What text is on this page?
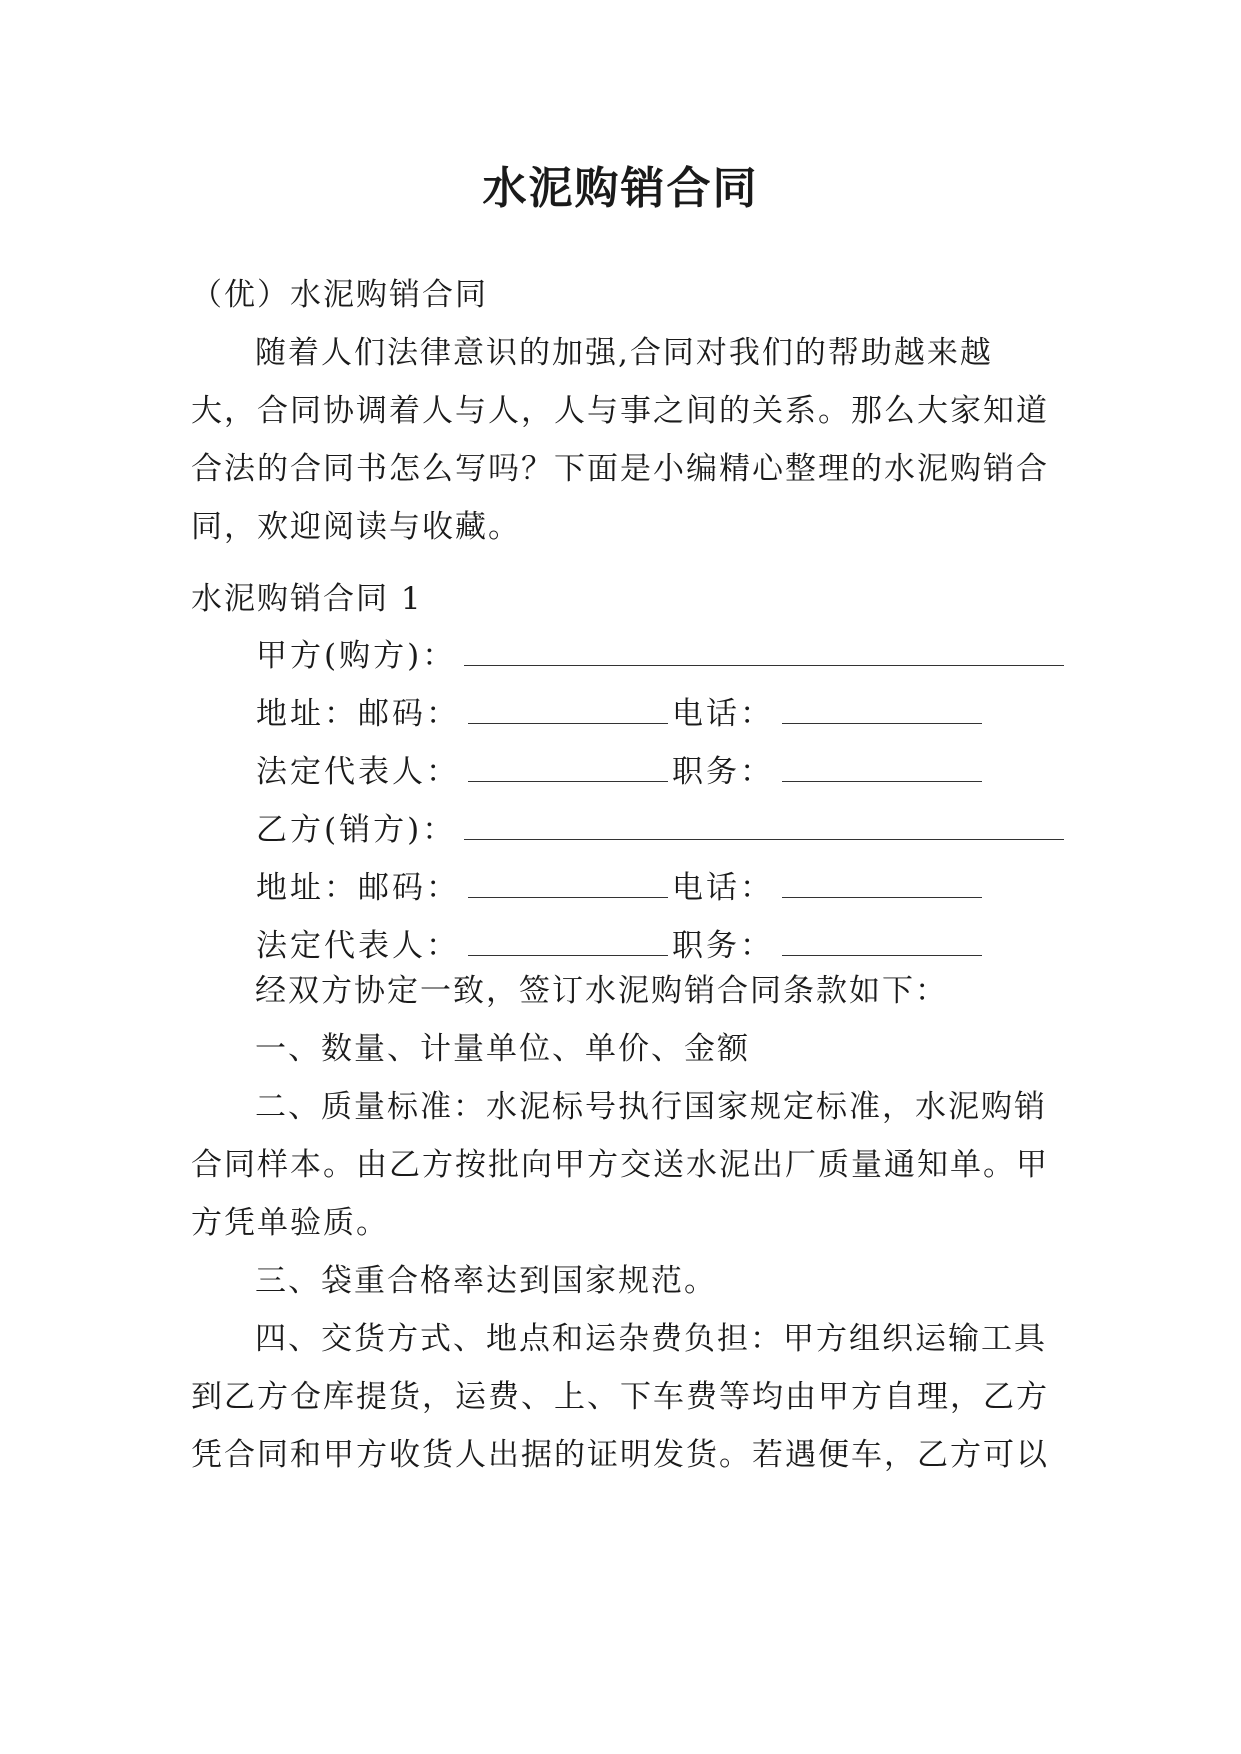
水泥购销合同

（优）水泥购销合同

随着人们法律意识的加强,合同对我们的帮助越来越大，合同协调着人与人，人与事之间的关系。那么大家知道合法的合同书怎么写吗？下面是小编精心整理的水泥购销合同，欢迎阅读与收藏。

水泥购销合同 1
甲方(购方)：
地址：邮码：	电话：
法定代表人：	职务：
乙方(销方)：
地址：邮码：	电话：
法定代表人：	职务：

经双方协定一致，签订水泥购销合同条款如下：

一、数量、计量单位、单价、金额

二、质量标准：水泥标号执行国家规定标准，水泥购销合同样本。由乙方按批向甲方交送水泥出厂质量通知单。甲方凭单验质。

三、袋重合格率达到国家规范。

四、交货方式、地点和运杂费负担：甲方组织运输工具到乙方仓库提货，运费、上、下车费等均由甲方自理，乙方凭合同和甲方收货人出据的证明发货。若遇便车，乙方可以
